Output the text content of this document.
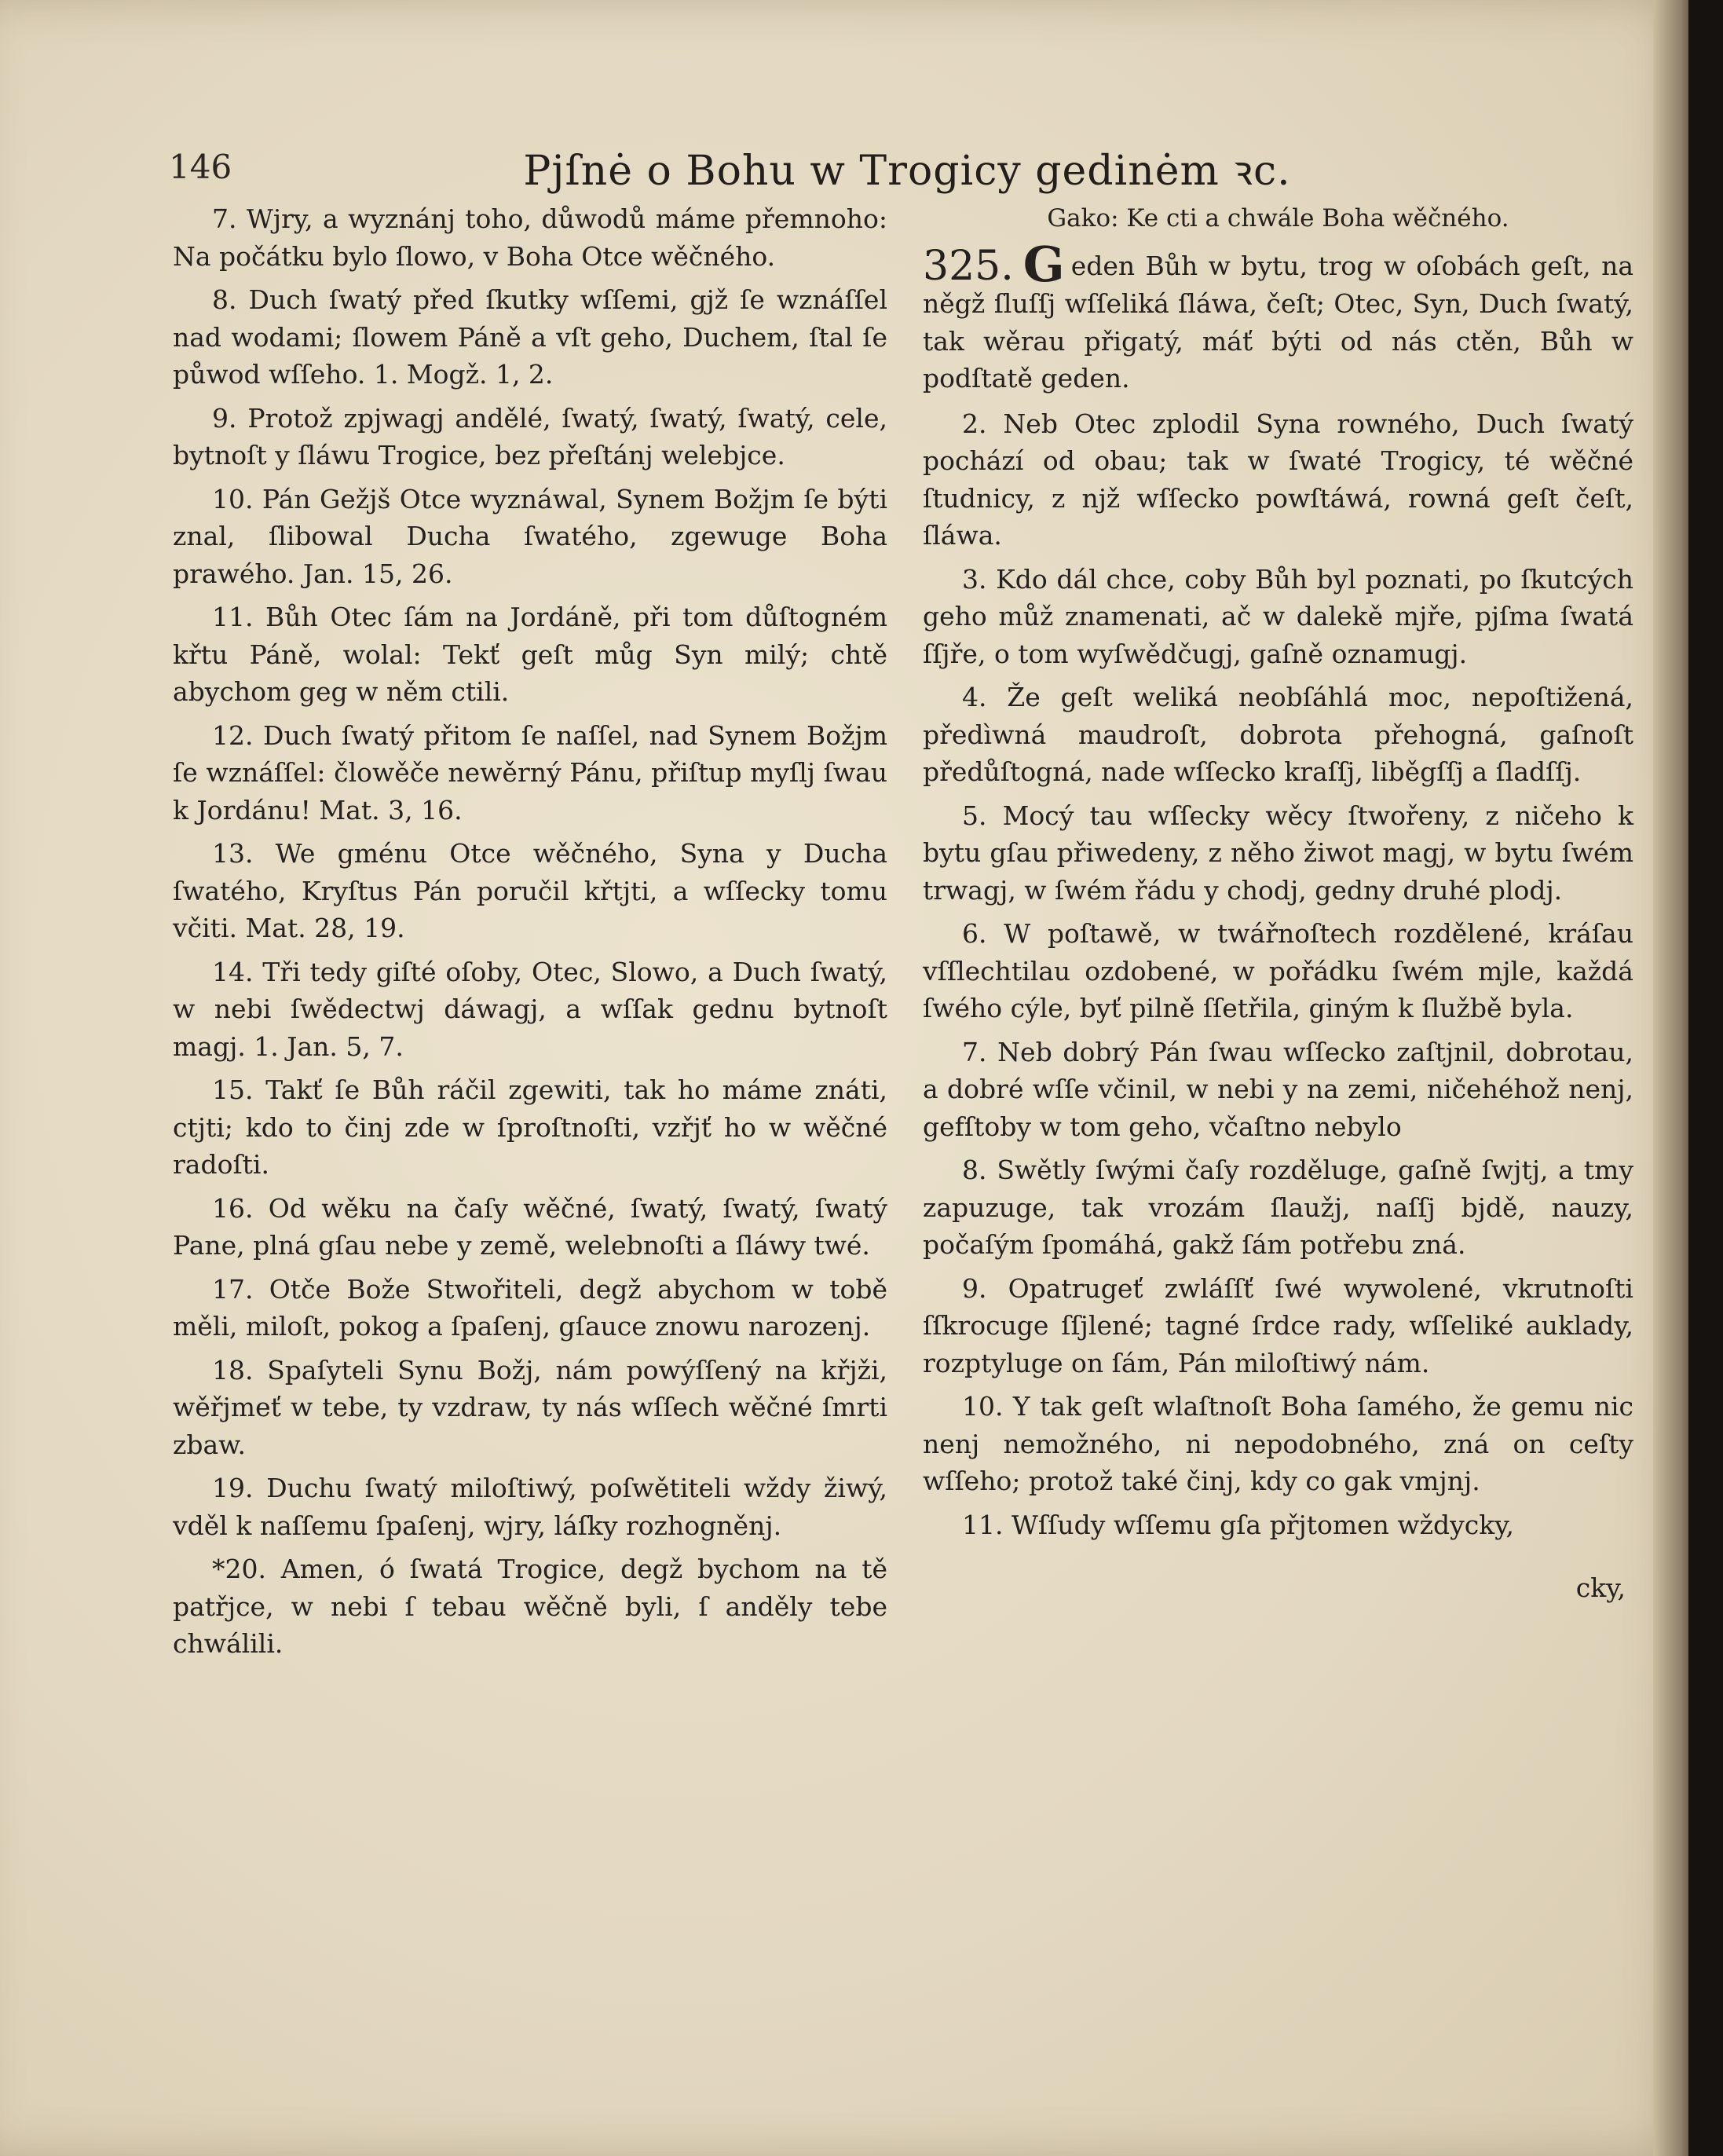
146	Pjſnė o Bohu w Trogicy gedinėm ꝛc.

7. Wjry, a wyznánj toho, důwodů máme přemnoho: Na počátku bylo ſlowo, v Boha Otce wěčného.

8. Duch ſwatý před ſkutky wſſemi, gjž ſe wznáſſel nad wodami; ſlowem Páně a vſt geho, Duchem, ſtal ſe půwod wſſeho. 1. Mogž. 1, 2.

9. Protož zpjwagj andělé, ſwatý, ſwatý, ſwatý, cele, bytnoſt y ſláwu Trogice, bez přeſtánj welebjce.

10. Pán Gežjš Otce wyznáwal, Synem Božjm ſe býti znal, ſlibowal Ducha ſwatého, zgewuge Boha prawého. Jan. 15, 26.

11. Bůh Otec ſám na Jordáně, při tom důſtogném křtu Páně, wolal: Tekť geſt můg Syn milý; chtě abychom geg w něm ctili.

12. Duch ſwatý přitom ſe naſſel, nad Synem Božjm ſe wznáſſel: člowěče newěrný Pánu, přiſtup myſlj ſwau k Jordánu! Mat. 3, 16.

13. We gménu Otce wěčného, Syna y Ducha ſwatého, Kryſtus Pán poručil křtjti, a wſſecky tomu včiti. Mat. 28, 19.

14. Tři tedy giſté oſoby, Otec, Slowo, a Duch ſwatý, w nebi ſwědectwj dáwagj, a wſſak gednu bytnoſt magj. 1. Jan. 5, 7.

15. Takť ſe Bůh ráčil zgewiti, tak ho máme znáti, ctjti; kdo to činj zde w ſproſtnoſti, vzřjť ho w wěčné radoſti.

16. Od wěku na čaſy wěčné, ſwatý, ſwatý, ſwatý Pane, plná gſau nebe y země, welebnoſti a ſláwy twé.

17. Otče Bože Stwořiteli, degž abychom w tobě měli, miloſt, pokog a ſpaſenj, gſauce znowu narozenj.

18. Spaſyteli Synu Božj, nám powýſſený na křjži, wěřjmeť w tebe, ty vzdraw, ty nás wſſech wěčné ſmrti zbaw.

19. Duchu ſwatý miloſtiwý, poſwětiteli wždy žiwý, vděl k naſſemu ſpaſenj, wjry, láſky rozhogněnj.

*20. Amen, ó ſwatá Trogice, degž bychom na tě patřjce, w nebi ſ tebau wěčně byli, ſ anděly tebe chwálili.

Gako: Ke cti a chwále Boha wěčného.

325. G eden Bůh w bytu, trog w oſobách geſt, na něgž ſluſſj wſſeliká ſláwa, čeſt; Otec, Syn, Duch ſwatý, tak wěrau přigatý, máť býti od nás ctěn, Bůh w podſtatě geden.

2. Neb Otec zplodil Syna rowného, Duch ſwatý pochází od obau; tak w ſwaté Trogicy, té wěčné ſtudnicy, z njž wſſecko powſtáwá, rowná geſt čeſt, ſláwa.

3. Kdo dál chce, coby Bůh byl poznati, po ſkutcých geho můž znamenati, ač w dalekě mjře, pjſma ſwatá ſſjře, o tom wyſwědčugj, gaſně oznamugj.

4. Že geſt weliká neobſáhlá moc, nepoſtižená, předìwná maudroſt, dobrota přehogná, gaſnoſt předůſtogná, nade wſſecko kraſſj, liběgſſj a ſladſſj.

5. Mocý tau wſſecky wěcy ſtwořeny, z ničeho k bytu gſau přiwedeny, z něho žiwot magj, w bytu ſwém trwagj, w ſwém řádu y chodj, gedny druhé plodj.

6. W poſtawě, w twářnoſtech rozdělené, kráſau vſſlechtilau ozdobené, w pořádku ſwém mjle, každá ſwého cýle, byť pilně ſſetřila, giným k ſlužbě byla.

7. Neb dobrý Pán ſwau wſſecko zaſtjnil, dobrotau, a dobré wſſe včinil, w nebi y na zemi, ničehéhož nenj, gefſtoby w tom geho, včaſtno nebylo

8. Swětly ſwými čaſy rozděluge, gaſně ſwjtj, a tmy zapuzuge, tak vrozám ſlaužj, naſſj bjdě, nauzy, počaſým ſpomáhá, gakž ſám potřebu zná.

9. Opatrugeť zwláſſť ſwé wywolené, vkrutnoſti ſſkrocuge ſſjlené; tagné ſrdce rady, wſſeliké auklady, rozptyluge on ſám, Pán miloſtiwý nám.

10. Y tak geſt wlaſtnoſt Boha ſamého, že gemu nic nenj nemožného, ni nepodobného, zná on ceſty wſſeho; protož také činj, kdy co gak vmjnj.

11. Wſſudy wſſemu gſa přjtomen wždycky,

cky,
